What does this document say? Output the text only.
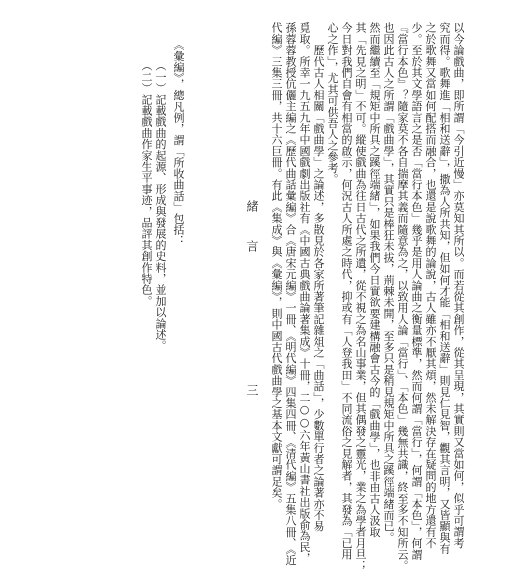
緒　言
三
（一）記載戲曲的起源、形成與發展的史料，並加以論述。
（二）記載戲曲作家生平事迹，品評其創作特色。	以今論戲曲，即所謂「今引近慢」亦莫知其所以。而若從其創作，從其呈現，其實則又當如何，似乎可謂考
究而得。歌舞進「相和送辭」，撒為人所共知，但如何才能「相和送辭」則見仁見智，觀其言明，又皆顯與有
之於歌舞又當如何配搭而融合，也還是說歌舞的論說，古人雖亦不厭其煩，然未解決存在疑問的地方還有不
少。至於其文學語言之是否「當行本色」幾乎是用人論曲之衡量標準，然而何謂「當行」，何謂「本色」，何謂
『當行本色』？隨家莫不各自揣摩其義而隨意為之，以致用人論「當行」、「本色」幾無共識，終至多不知所云。
也因此古人之所謂「戲曲學」，其實只是棒狂未拔，荊棘未開，至多只是稍見規矩中所具之蹊徑端緒而已。
然而繼續至「規矩中所具之蹊徑端緒」，如果我們今日實欲要建構融會古今的「戲曲學」，也非由古人汲取
其「先見之明」不可。縱使戲曲為往日古代之所遺，從不視之為名山事業，但其偶發之靈光，業之為學者月旦；
今日對我們自會有相當的啟示，何況古人所處之時代，抑或有「人登我田」不同流俗之見解者，其發為「已用
心之作」，尤其可供吾人之參考。
　　歷代古人相關「戲曲學」之論述，多散見於各家所著筆記雜俎之「曲話」，少數單行者之論著亦不易
覓取。所幸一九五九年中國戲劇出版社有《中國古典戲曲論著集成》十冊，二○○六年黃山書社出版俞為民，
孫蓉蓉教授伉儷主編之《歷代曲話彙編》合《唐宋元編》一冊、《明代編》四集四冊、《清代編》五集八冊、《近
代編》三集三冊，共十六巨冊。有此《集成》與《彙編》，則中國古代戲曲學之基本文獻可謂足矣。
　　《彙編》，總凡例，謂「所收曲話」包括：
